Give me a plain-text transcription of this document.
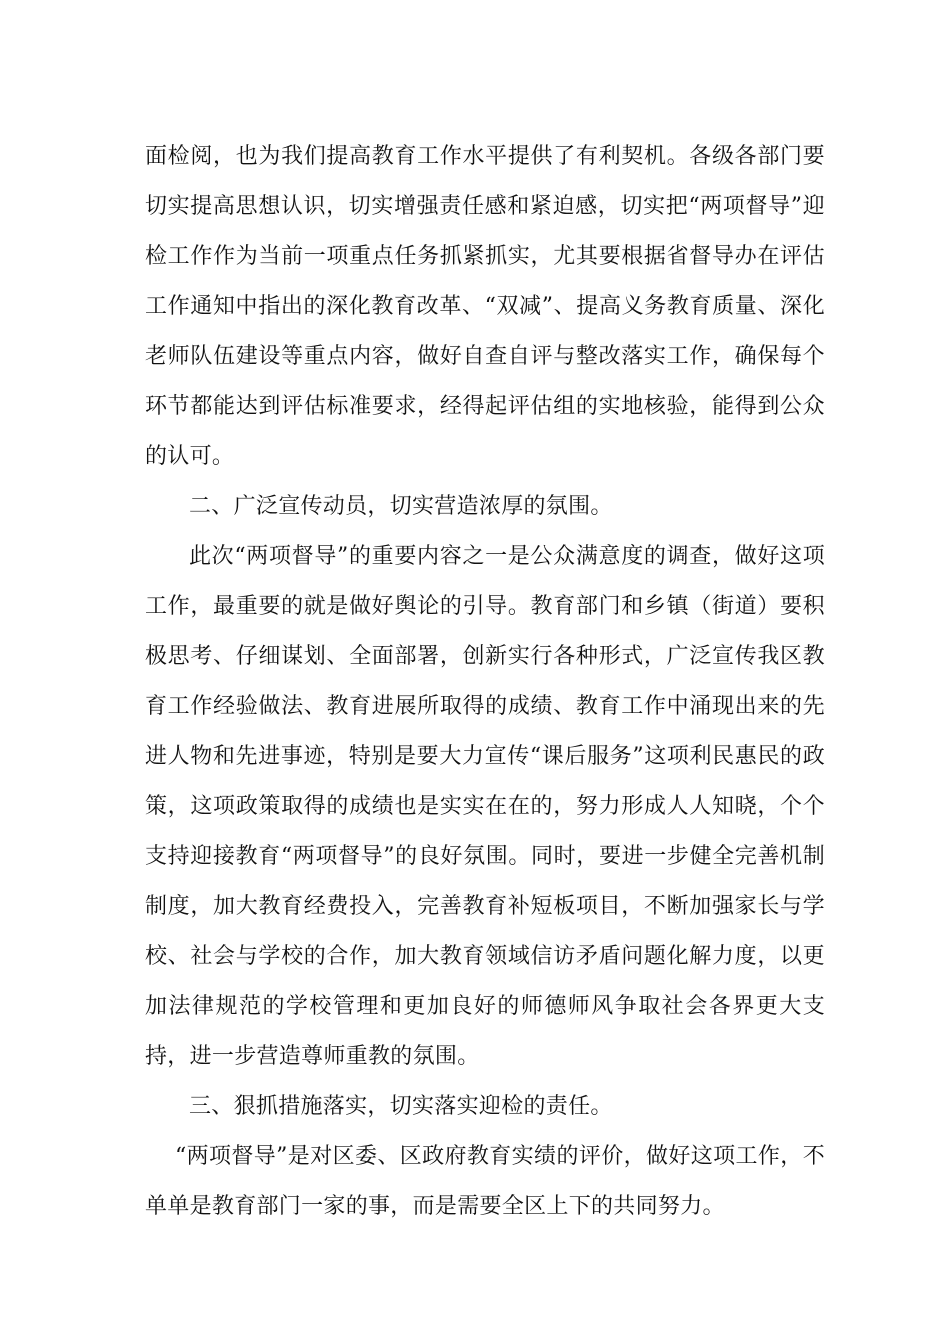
面检阅，也为我们提高教育工作水平提供了有利契机。各级各部门要切实提高思想认识，切实增强责任感和紧迫感，切实把“两项督导”迎检工作作为当前一项重点任务抓紧抓实，尤其要根据省督导办在评估工作通知中指出的深化教育改革、“双减”、提高义务教育质量、深化老师队伍建设等重点内容，做好自查自评与整改落实工作，确保每个环节都能达到评估标准要求，经得起评估组的实地核验，能得到公众的认可。

二、广泛宣传动员，切实营造浓厚的氛围。

此次“两项督导”的重要内容之一是公众满意度的调查，做好这项工作，最重要的就是做好舆论的引导。教育部门和乡镇（街道）要积极思考、仔细谋划、全面部署，创新实行各种形式，广泛宣传我区教育工作经验做法、教育进展所取得的成绩、教育工作中涌现出来的先进人物和先进事迹，特别是要大力宣传“课后服务”这项利民惠民的政策，这项政策取得的成绩也是实实在在的，努力形成人人知晓，个个支持迎接教育“两项督导”的良好氛围。同时，要进一步健全完善机制制度，加大教育经费投入，完善教育补短板项目，不断加强家长与学校、社会与学校的合作，加大教育领域信访矛盾问题化解力度，以更加法律规范的学校管理和更加良好的师德师风争取社会各界更大支持，进一步营造尊师重教的氛围。

三、狠抓措施落实，切实落实迎检的责任。

“两项督导”是对区委、区政府教育实绩的评价，做好这项工作，不单单是教育部门一家的事，而是需要全区上下的共同努力。
